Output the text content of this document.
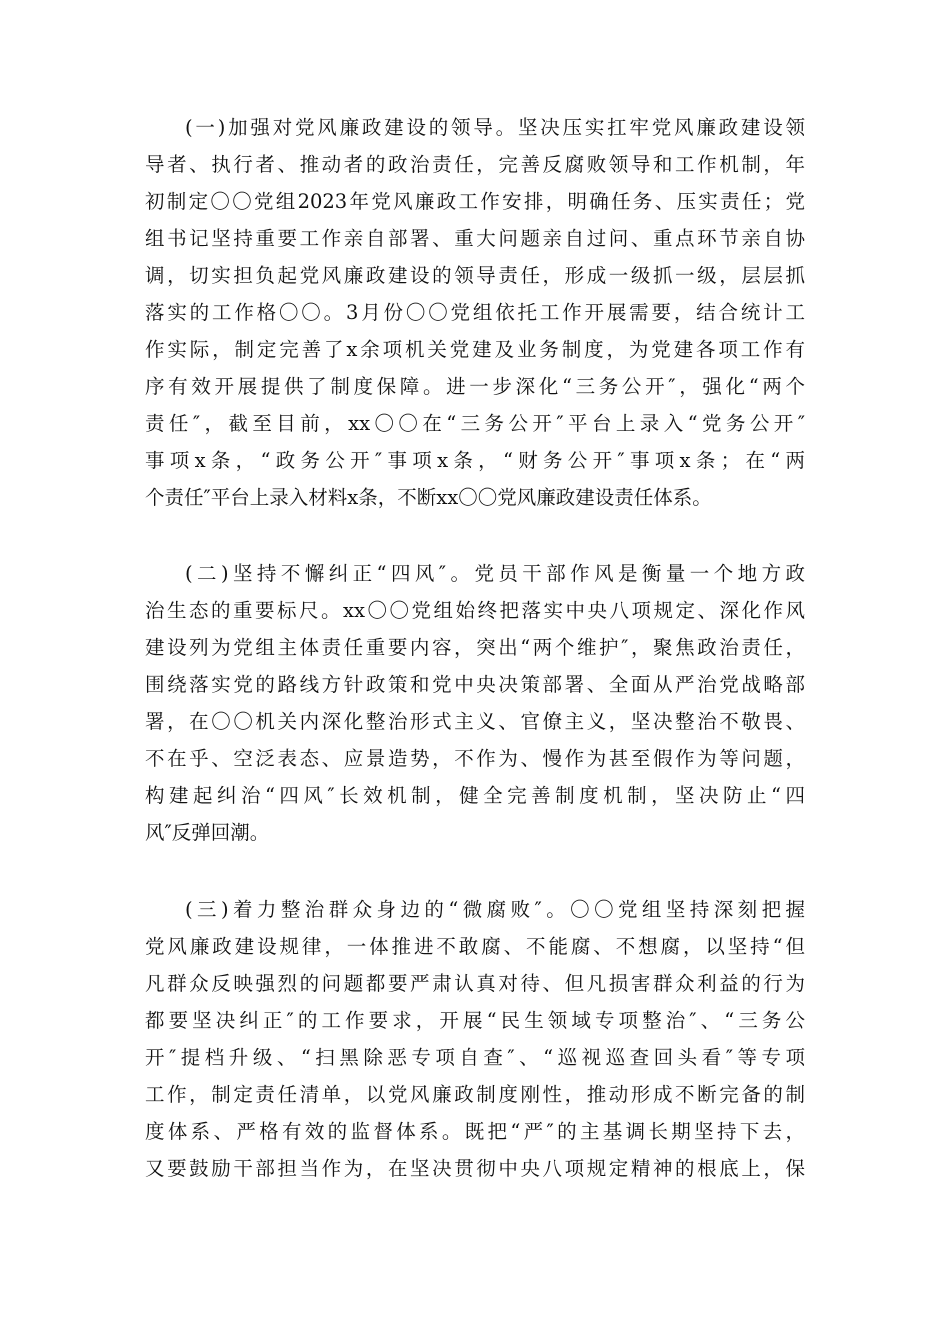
(一)加强对党风廉政建设的领导。坚决压实扛牢党风廉政建设领
导者、执行者、推动者的政治责任，完善反腐败领导和工作机制，年
初制定〇〇党组2023年党风廉政工作安排，明确任务、压实责任；党
组书记坚持重要工作亲自部署、重大问题亲自过问、重点环节亲自协
调，切实担负起党风廉政建设的领导责任，形成一级抓一级，层层抓
落实的工作格〇〇。3月份〇〇党组依托工作开展需要，结合统计工
作实际，制定完善了x余项机关党建及业务制度，为党建各项工作有
序有效开展提供了制度保障。进一步深化“三务公开″，强化“两个
责任″，截至目前，xx〇〇在“三务公开″平台上录入“党务公开″
事项x条，“政务公开″事项x条，“财务公开″事项x条；在“两
个责任″平台上录入材料x条，不断xx〇〇党风廉政建设责任体系。
(二)坚持不懈纠正“四风″。党员干部作风是衡量一个地方政
治生态的重要标尺。xx〇〇党组始终把落实中央八项规定、深化作风
建设列为党组主体责任重要内容，突出“两个维护″，聚焦政治责任，
围绕落实党的路线方针政策和党中央决策部署、全面从严治党战略部
署，在〇〇机关内深化整治形式主义、官僚主义，坚决整治不敬畏、
不在乎、空泛表态、应景造势，不作为、慢作为甚至假作为等问题，
构建起纠治“四风″长效机制，健全完善制度机制，坚决防止“四
风″反弹回潮。
(三)着力整治群众身边的“微腐败″。〇〇党组坚持深刻把握
党风廉政建设规律，一体推进不敢腐、不能腐、不想腐，以坚持“但
凡群众反映强烈的问题都要严肃认真对待、但凡损害群众利益的行为
都要坚决纠正″的工作要求，开展“民生领域专项整治″、“三务公
开″提档升级、“扫黑除恶专项自查″、“巡视巡查回头看″等专项
工作，制定责任清单，以党风廉政制度刚性，推动形成不断完备的制
度体系、严格有效的监督体系。既把“严″的主基调长期坚持下去，
又要鼓励干部担当作为，在坚决贯彻中央八项规定精神的根底上，保
